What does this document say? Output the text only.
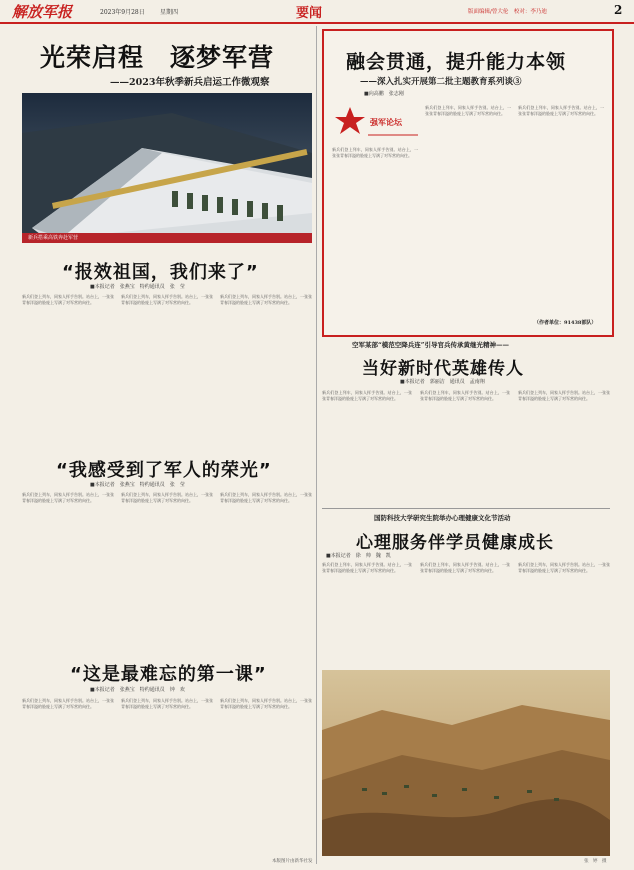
解放军报	2023年9月28日	星期四	要闻	版面编辑/曾大伦　校对：李乃迪	2
光荣启程　逐梦军营
——2023年秋季新兵启运工作微观察
新兵搭乘高铁奔赴军营
“报效祖国，我们来了”
■本报记者　张燕宝　特约通讯员　张　莹
新兵们登上列车，同家人挥手告别。站台上，一张张青春洋溢的脸庞上写满了对军营的向往。
新兵们登上列车，同家人挥手告别。站台上，一张张青春洋溢的脸庞上写满了对军营的向往。
新兵们登上列车，同家人挥手告别。站台上，一张张青春洋溢的脸庞上写满了对军营的向往。
“我感受到了军人的荣光”
■本报记者　张燕宝　特约通讯员　张　莹
新兵们登上列车，同家人挥手告别。站台上，一张张青春洋溢的脸庞上写满了对军营的向往。
新兵们登上列车，同家人挥手告别。站台上，一张张青春洋溢的脸庞上写满了对军营的向往。
新兵们登上列车，同家人挥手告别。站台上，一张张青春洋溢的脸庞上写满了对军营的向往。
“这是最难忘的第一课”
■本报记者　张燕宝　特约通讯员　钟　欢
新兵们登上列车，同家人挥手告别。站台上，一张张青春洋溢的脸庞上写满了对军营的向往。
新兵们登上列车，同家人挥手告别。站台上，一张张青春洋溢的脸庞上写满了对军营的向往。
新兵们登上列车，同家人挥手告别。站台上，一张张青春洋溢的脸庞上写满了对军营的向往。
本版图片由新华社发
融会贯通，提升能力本领
——深入扎实开展第二批主题教育系列谈③
■向高鹏　张志刚
强军论坛
新兵们登上列车，同家人挥手告别。站台上，一张张青春洋溢的脸庞上写满了对军营的向往。
新兵们登上列车，同家人挥手告别。站台上，一张张青春洋溢的脸庞上写满了对军营的向往。
新兵们登上列车，同家人挥手告别。站台上，一张张青春洋溢的脸庞上写满了对军营的向往。
（作者单位：91438部队）
空军某部“模范空降兵连”引导官兵传承黄继光精神——
当好新时代英雄传人
■本报记者　郭丽洁　通讯员　孟南翔
新兵们登上列车，同家人挥手告别。站台上，一张张青春洋溢的脸庞上写满了对军营的向往。
新兵们登上列车，同家人挥手告别。站台上，一张张青春洋溢的脸庞上写满了对军营的向往。
新兵们登上列车，同家人挥手告别。站台上，一张张青春洋溢的脸庞上写满了对军营的向往。
国防科技大学研究生院举办心理健康文化节活动
心理服务伴学员健康成长
■本报记者　徐　帅　魏　凯
新兵们登上列车，同家人挥手告别。站台上，一张张青春洋溢的脸庞上写满了对军营的向往。
新兵们登上列车，同家人挥手告别。站台上，一张张青春洋溢的脸庞上写满了对军营的向往。
新兵们登上列车，同家人挥手告别。站台上，一张张青春洋溢的脸庞上写满了对军营的向往。
张　婷　摄
